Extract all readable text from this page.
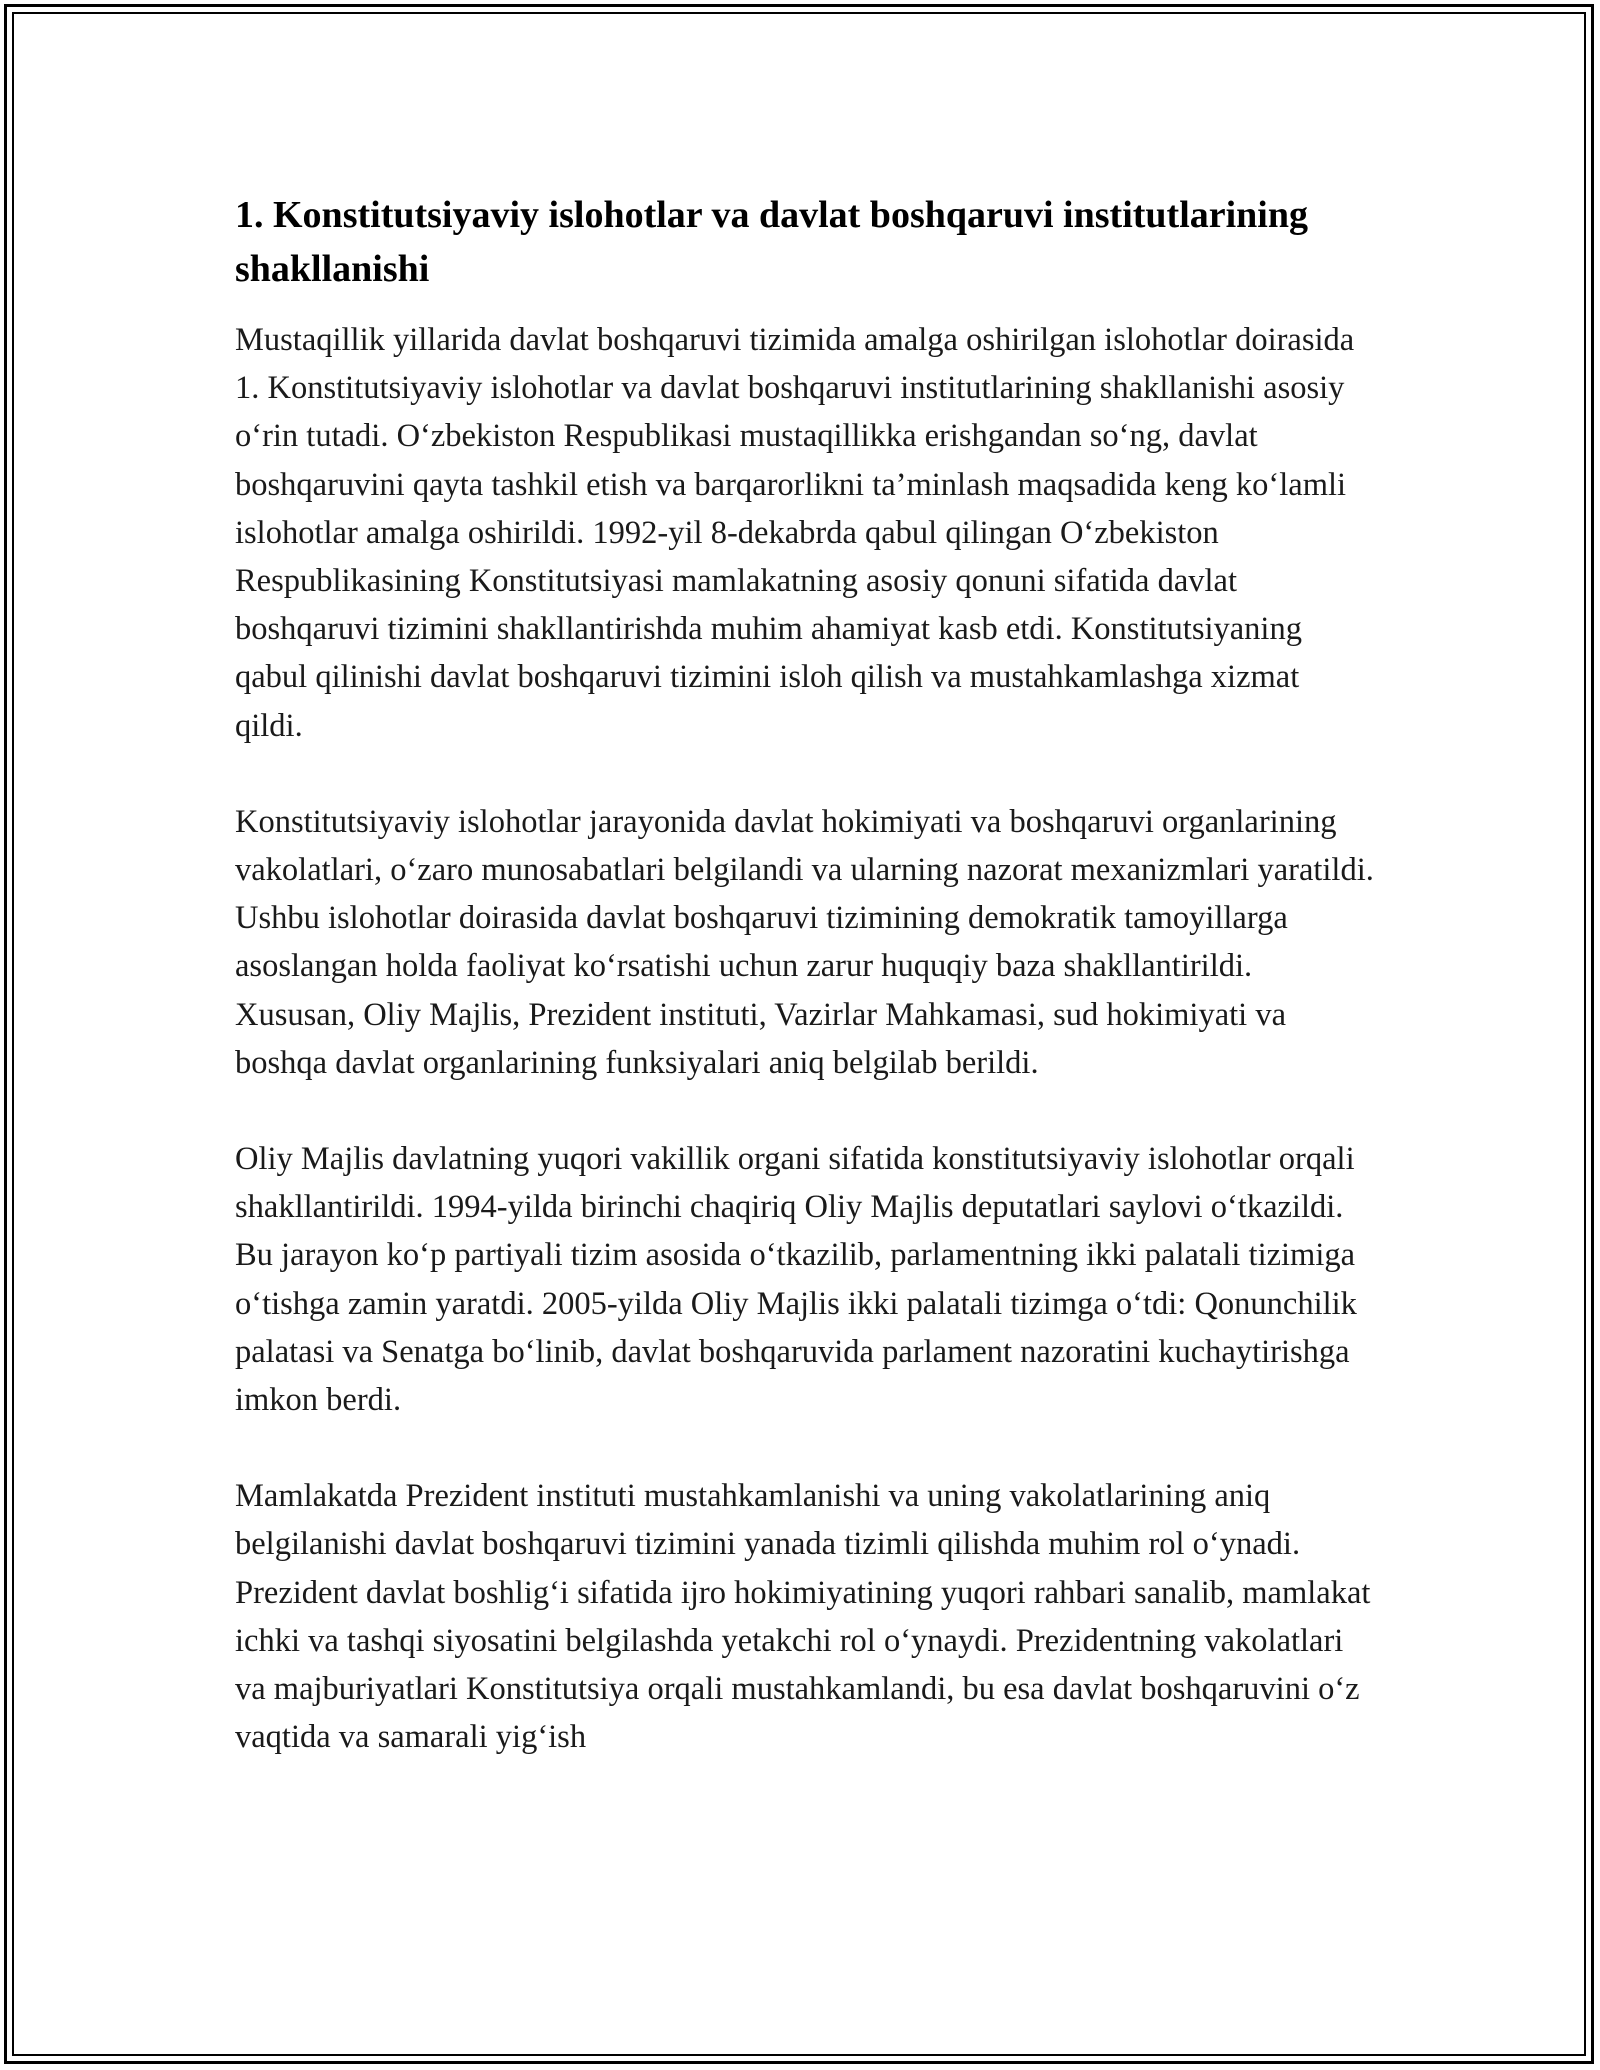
1. Konstitutsiyaviy islohotlar va davlat boshqaruvi institutlarining shakllanishi

Mustaqillik yillarida davlat boshqaruvi tizimida amalga oshirilgan islohotlar doirasida 1. Konstitutsiyaviy islohotlar va davlat boshqaruvi institutlarining shakllanishi asosiy o‘rin tutadi. O‘zbekiston Respublikasi mustaqillikka erishgandan so‘ng, davlat boshqaruvini qayta tashkil etish va barqarorlikni ta’minlash maqsadida keng ko‘lamli islohotlar amalga oshirildi. 1992-yil 8-dekabrda qabul qilingan O‘zbekiston Respublikasining Konstitutsiyasi mamlakatning asosiy qonuni sifatida davlat boshqaruvi tizimini shakllantirishda muhim ahamiyat kasb etdi. Konstitutsiyaning qabul qilinishi davlat boshqaruvi tizimini isloh qilish va mustahkamlashga xizmat qildi.

Konstitutsiyaviy islohotlar jarayonida davlat hokimiyati va boshqaruvi organlarining vakolatlari, o‘zaro munosabatlari belgilandi va ularning nazorat mexanizmlari yaratildi. Ushbu islohotlar doirasida davlat boshqaruvi tizimining demokratik tamoyillarga asoslangan holda faoliyat ko‘rsatishi uchun zarur huquqiy baza shakllantirildi. Xususan, Oliy Majlis, Prezident instituti, Vazirlar Mahkamasi, sud hokimiyati va boshqa davlat organlarining funksiyalari aniq belgilab berildi.

Oliy Majlis davlatning yuqori vakillik organi sifatida konstitutsiyaviy islohotlar orqali shakllantirildi. 1994-yilda birinchi chaqiriq Oliy Majlis deputatlari saylovi o‘tkazildi. Bu jarayon ko‘p partiyali tizim asosida o‘tkazilib, parlamentning ikki palatali tizimiga o‘tishga zamin yaratdi. 2005-yilda Oliy Majlis ikki palatali tizimga o‘tdi: Qonunchilik palatasi va Senatga bo‘linib, davlat boshqaruvida parlament nazoratini kuchaytirishga imkon berdi.

Mamlakatda Prezident instituti mustahkamlanishi va uning vakolatlarining aniq belgilanishi davlat boshqaruvi tizimini yanada tizimli qilishda muhim rol o‘ynadi. Prezident davlat boshlig‘i sifatida ijro hokimiyatining yuqori rahbari sanalib, mamlakat ichki va tashqi siyosatini belgilashda yetakchi rol o‘ynaydi. Prezidentning vakolatlari va majburiyatlari Konstitutsiya orqali mustahkamlandi, bu esa davlat boshqaruvini o‘z vaqtida va samarali yig‘ish
